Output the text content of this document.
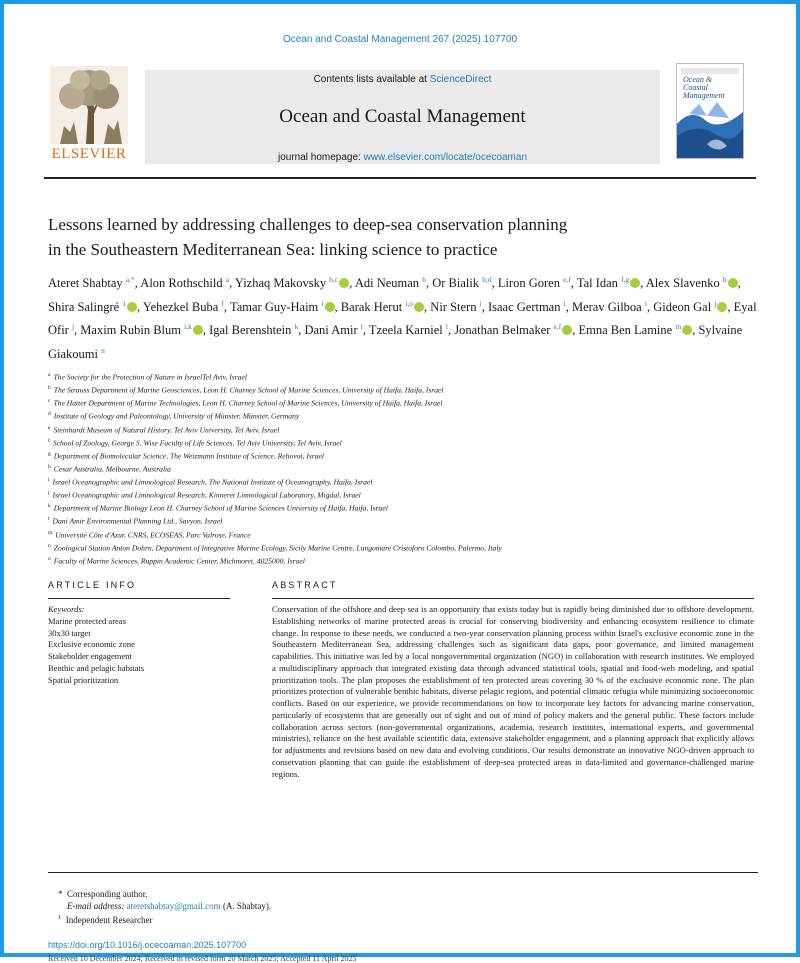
Ocean and Coastal Management 267 (2025) 107700
ELSEVIER
Contents lists available at ScienceDirect
Ocean and Coastal Management
journal homepage: www.elsevier.com/locate/ocecoaman
Ocean &
Coastal
Management
Lessons learned by addressing challenges to deep-sea conservation planning
in the Southeastern Mediterranean Sea: linking science to practice
Ateret Shabtay $^{a,*}$, Alon Rothschild $^a$, Yizhaq Makovsky $^{b,c}$ , Adi Neuman $^b$, Or Bialik $^{b,d}$, Liron Goren $^{e,f}$, Tal Idan $^{f,g}$ , Alex Slavenko $^h$ , Shira Salingré $^1$ , Yehezkel Buba $^f$, Tamar Guy-Haim $^i$ , Barak Herut $^{i,o}$ , Nir Stern $^i$, Isaac Gertman $^i$, Merav Gilboa $^i$, Gideon Gal $^j$ , Eyal Ofir $^j$, Maxim Rubin Blum $^{i,k}$ , Igal Berenshtein $^k$, Dani Amir $^l$, Tzeela Karniel $^l$, Jonathan Belmaker $^{e,f}$ , Emna Ben Lamine $^m$ , Sylvaine Giakoumi $^n$
$^a$ The Society for the Protection of Nature in IsraelTel Aviv, Israel
$^b$ The Strauss Department of Marine Geosciences, Leon H. Charney School of Marine Sciences, University of Haifa, Haifa, Israel
$^c$ The Hatter Department of Marine Technologies, Leon H. Charney School of Marine Sciences, University of Haifa, Haifa, Israel
$^d$ Institute of Geology and Paleontology, University of Münster, Münster, Germany
$^e$ Steinhardt Museum of Natural History, Tel Aviv University, Tel Aviv, Israel
$^f$ School of Zoology, George S. Wise Faculty of Life Sciences, Tel Aviv University, Tel Aviv, Israel
$^g$ Department of Biomolecular Science, The Weizmann Institute of Science, Rehovot, Israel
$^h$ Cesar Australia, Melbourne, Australia
$^i$ Israel Oceanographic and Limnological Research, The National Institute of Oceanography, Haifa, Israel
$^j$ Israel Oceanographic and Limnological Research, Kinneret Limnological Laboratory, Migdal, Israel
$^k$ Department of Marine Biology Leon H. Charney School of Marine Sciences University of Haifa, Haifa, Israel
$^l$ Dani Amir Environmental Planning Ltd., Savyon, Israel
$^m$ Université Côte d'Azur, CNRS, ECOSEAS, Parc Valrose, France
$^n$ Zoological Station Anton Dohrn, Department of Integrative Marine Ecology, Sicily Marine Centre, Lungomare Cristoforo Colombo, Palermo, Italy
$^o$ Faculty of Marine Sciences, Ruppin Academic Center, Michmoret, 4025000, Israel
ARTICLE INFO	ABSTRACT
Keywords:
Marine protected areas
30x30 target
Exclusive economic zone
Stakeholder engagement
Benthic and pelagic habitats
Spatial prioritization
Conservation of the offshore and deep sea is an opportunity that exists today but is rapidly being diminished due to offshore development. Establishing networks of marine protected areas is crucial for conserving biodiversity and enhancing ecosystem resilience to climate change. In response to these needs, we conducted a two-year conservation planning process within Israel's exclusive economic zone in the Southeastern Mediterranean Sea, addressing challenges such as significant data gaps, poor governance, and limited management capabilities. This initiative was led by a local nongovernmental organization (NGO) in collaboration with research institutes. We employed a multidisciplinary approach that integrated existing data through advanced statistical tools, spatial and food-web modeling, and spatial prioritization tools. The plan proposes the establishment of ten protected areas covering 30 % of the exclusive economic zone. The plan prioritizes protection of vulnerable benthic habitats, diverse pelagic regions, and potential climatic refugia while minimizing socioeconomic conflicts. Based on our experience, we provide recommendations on how to incorporate key factors for advancing marine conservation, particularly of ecosystems that are generally out of sight and out of mind of policy makers and the general public. These factors include collaboration across sectors (non-governmental organizations, academia, research institutes, international experts, and governmental ministries), reliance on the best available scientific data, extensive stakeholder engagement, and a planning approach that explicitly allows for adjustments and revisions based on new data and evolving conditions. Our results demonstrate an innovative NGO-driven approach to conservation planning that can guide the establishment of deep-sea protected areas in data-limited and governance-challenged marine regions.
* Corresponding author.
E-mail address: ateretshabtay@gmail.com (A. Shabtay).
$^1$ Independent Researcher
https://doi.org/10.1016/j.ocecoaman.2025.107700
Received 10 December 2024; Received in revised form 20 March 2025; Accepted 11 April 2025
